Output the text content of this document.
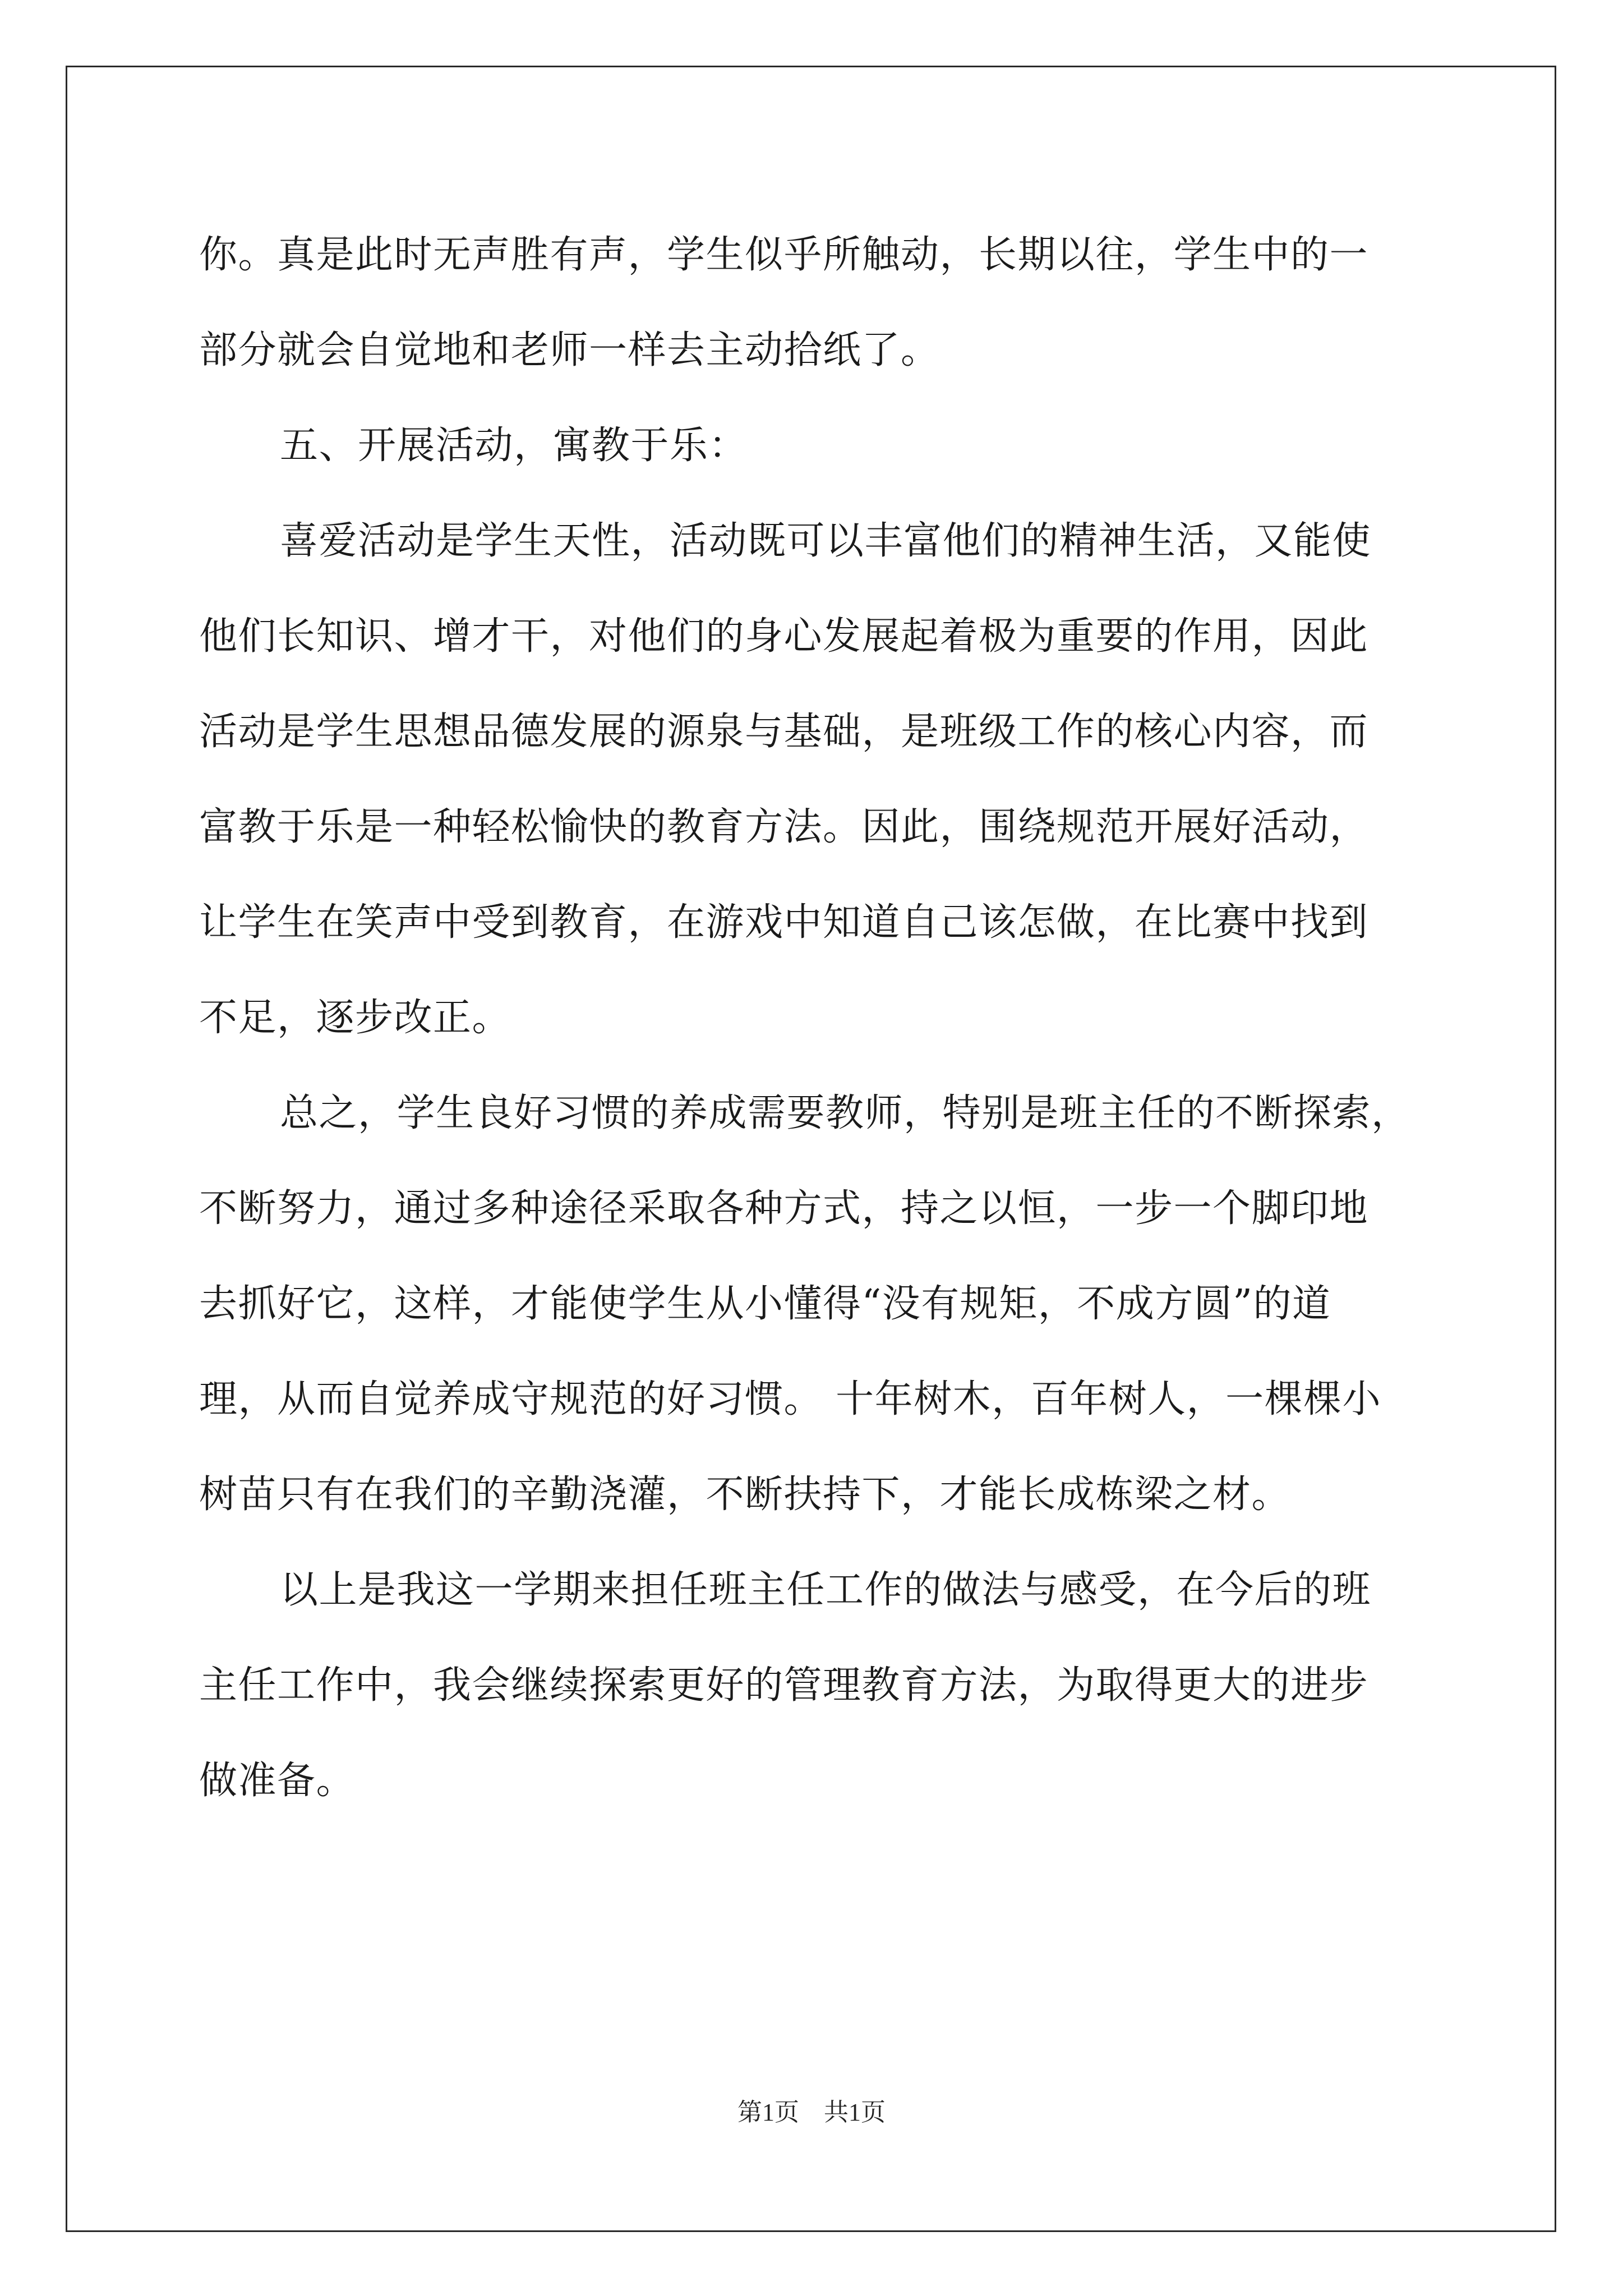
你。真是此时无声胜有声，学生似乎所触动，长期以往，学生中的一
部分就会自觉地和老师一样去主动拾纸了。
五、开展活动，寓教于乐：
喜爱活动是学生天性，活动既可以丰富他们的精神生活，又能使
他们长知识、增才干，对他们的身心发展起着极为重要的作用，因此
活动是学生思想品德发展的源泉与基础，是班级工作的核心内容，而
富教于乐是一种轻松愉快的教育方法。因此，围绕规范开展好活动，
让学生在笑声中受到教育，在游戏中知道自己该怎做，在比赛中找到
不足，逐步改正。
总之，学生良好习惯的养成需要教师，特别是班主任的不断探索，
不断努力，通过多种途径采取各种方式，持之以恒，一步一个脚印地
去抓好它，这样，才能使学生从小懂得“没有规矩，不成方圆”的道
理，从而自觉养成守规范的好习惯。 十年树木，百年树人，一棵棵小
树苗只有在我们的辛勤浇灌，不断扶持下，才能长成栋梁之材。
以上是我这一学期来担任班主任工作的做法与感受，在今后的班
主任工作中，我会继续探索更好的管理教育方法，为取得更大的进步
做准备。
第1页　共1页
